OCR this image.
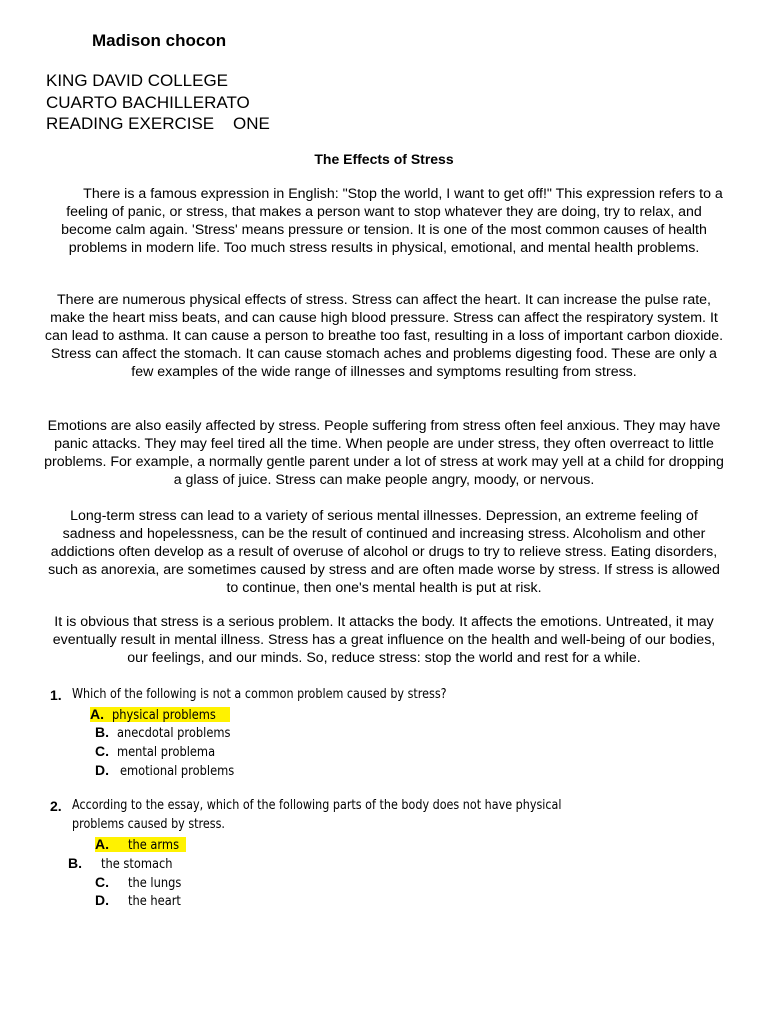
Madison chocon
KING DAVID COLLEGE
CUARTO BACHILLERATO
READING EXERCISE    ONE
The Effects of Stress

There is a famous expression in English: "Stop the world, I want to get off!" This expression refers to a feeling of panic, or stress, that makes a person want to stop whatever they are doing, try to relax, and become calm again. 'Stress' means pressure or tension. It is one of the most common causes of health problems in modern life. Too much stress results in physical, emotional, and mental health problems.

There are numerous physical effects of stress. Stress can affect the heart. It can increase the pulse rate, make the heart miss beats, and can cause high blood pressure. Stress can affect the respiratory system. It can lead to asthma. It can cause a person to breathe too fast, resulting in a loss of important carbon dioxide. Stress can affect the stomach. It can cause stomach aches and problems digesting food. These are only a few examples of the wide range of illnesses and symptoms resulting from stress.

Emotions are also easily affected by stress. People suffering from stress often feel anxious. They may have panic attacks. They may feel tired all the time. When people are under stress, they often overreact to little problems. For example, a normally gentle parent under a lot of stress at work may yell at a child for dropping a glass of juice. Stress can make people angry, moody, or nervous.

Long-term stress can lead to a variety of serious mental illnesses. Depression, an extreme feeling of sadness and hopelessness, can be the result of continued and increasing stress. Alcoholism and other addictions often develop as a result of overuse of alcohol or drugs to try to relieve stress. Eating disorders, such as anorexia, are sometimes caused by stress and are often made worse by stress. If stress is allowed to continue, then one's mental health is put at risk.

It is obvious that stress is a serious problem. It attacks the body. It affects the emotions. Untreated, it may eventually result in mental illness. Stress has a great influence on the health and well-being of our bodies, our feelings, and our minds. So, reduce stress: stop the world and rest for a while.

1. Which of the following is not a common problem caused by stress?
A. physical problems
B. anecdotal problems
C. mental problema
D. emotional problems
2. According to the essay, which of the following parts of the body does not have physical
problems caused by stress.
A. the arms
B. the stomach
C. the lungs
D. the heart
